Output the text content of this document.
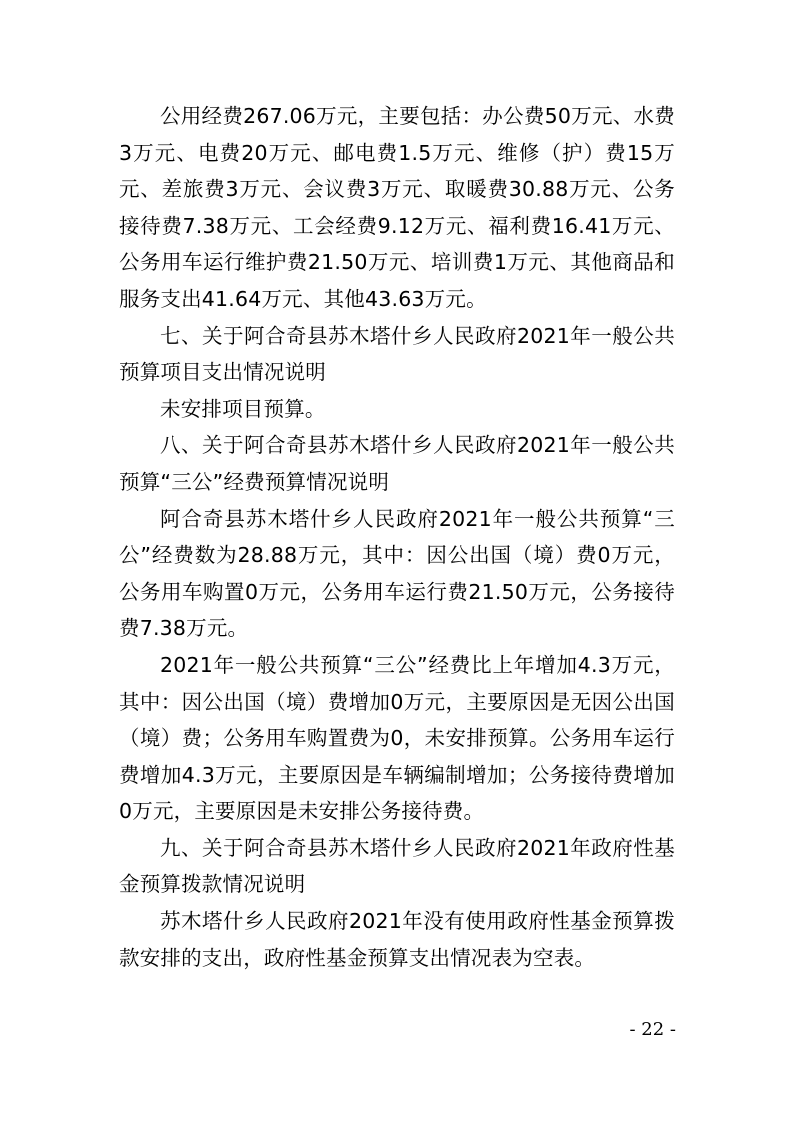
公用经费267.06万元，主要包括：办公费50万元、水费3万元、电费20万元、邮电费1.5万元、维修（护）费15万元、差旅费3万元、会议费3万元、取暖费30.88万元、公务接待费7.38万元、工会经费9.12万元、福利费16.41万元、公务用车运行维护费21.50万元、培训费1万元、其他商品和服务支出41.64万元、其他43.63万元。

七、关于阿合奇县苏木塔什乡人民政府2021年一般公共预算项目支出情况说明

未安排项目预算。

八、关于阿合奇县苏木塔什乡人民政府2021年一般公共预算“三公”经费预算情况说明

阿合奇县苏木塔什乡人民政府2021年一般公共预算“三公”经费数为28.88万元，其中：因公出国（境）费0万元，公务用车购置0万元，公务用车运行费21.50万元，公务接待费7.38万元。

2021年一般公共预算“三公”经费比上年增加4.3万元，其中：因公出国（境）费增加0万元，主要原因是无因公出国（境）费；公务用车购置费为0，未安排预算。公务用车运行费增加4.3万元，主要原因是车辆编制增加；公务接待费增加0万元，主要原因是未安排公务接待费。

九、关于阿合奇县苏木塔什乡人民政府2021年政府性基金预算拨款情况说明

苏木塔什乡人民政府2021年没有使用政府性基金预算拨款安排的支出，政府性基金预算支出情况表为空表。

- 22 -
